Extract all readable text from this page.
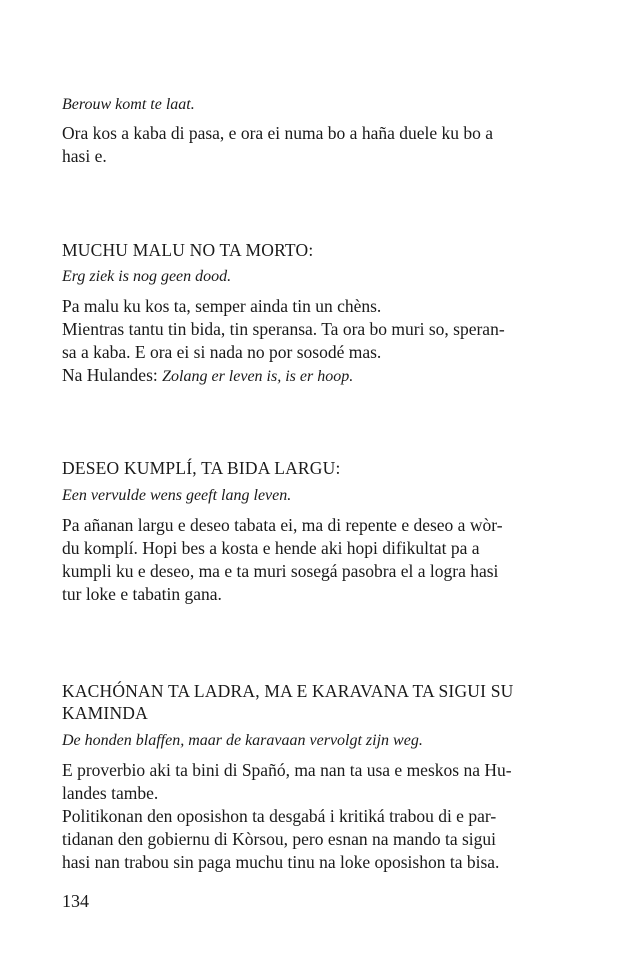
Berouw komt te laat.
Ora kos a kaba di pasa, e ora ei numa bo a haña duele ku bo a
hasi e.
MUCHU MALU NO TA MORTO:
Erg ziek is nog geen dood.
Pa malu ku kos ta, semper ainda tin un chèns.
Mientras tantu tin bida, tin speransa. Ta ora bo muri so, speran-
sa a kaba. E ora ei si nada no por sosodé mas.
Na Hulandes: Zolang er leven is, is er hoop.
DESEO KUMPLÍ, TA BIDA LARGU:
Een vervulde wens geeft lang leven.
Pa añanan largu e deseo tabata ei, ma di repente e deseo a wòr-
du komplí. Hopi bes a kosta e hende aki hopi difikultat pa a
kumpli ku e deseo, ma e ta muri sosegá pasobra el a logra hasi
tur loke e tabatin gana.
KACHÓNAN TA LADRA, MA E KARAVANA TA SIGUI SU
KAMINDA
De honden blaffen, maar de karavaan vervolgt zijn weg.
E proverbio aki ta bini di Spañó, ma nan ta usa e meskos na Hu-
landes tambe.
Politikonan den oposishon ta desgabá i kritiká trabou di e par-
tidanan den gobiernu di Kòrsou, pero esnan na mando ta sigui
hasi nan trabou sin paga muchu tinu na loke oposishon ta bisa.
134
